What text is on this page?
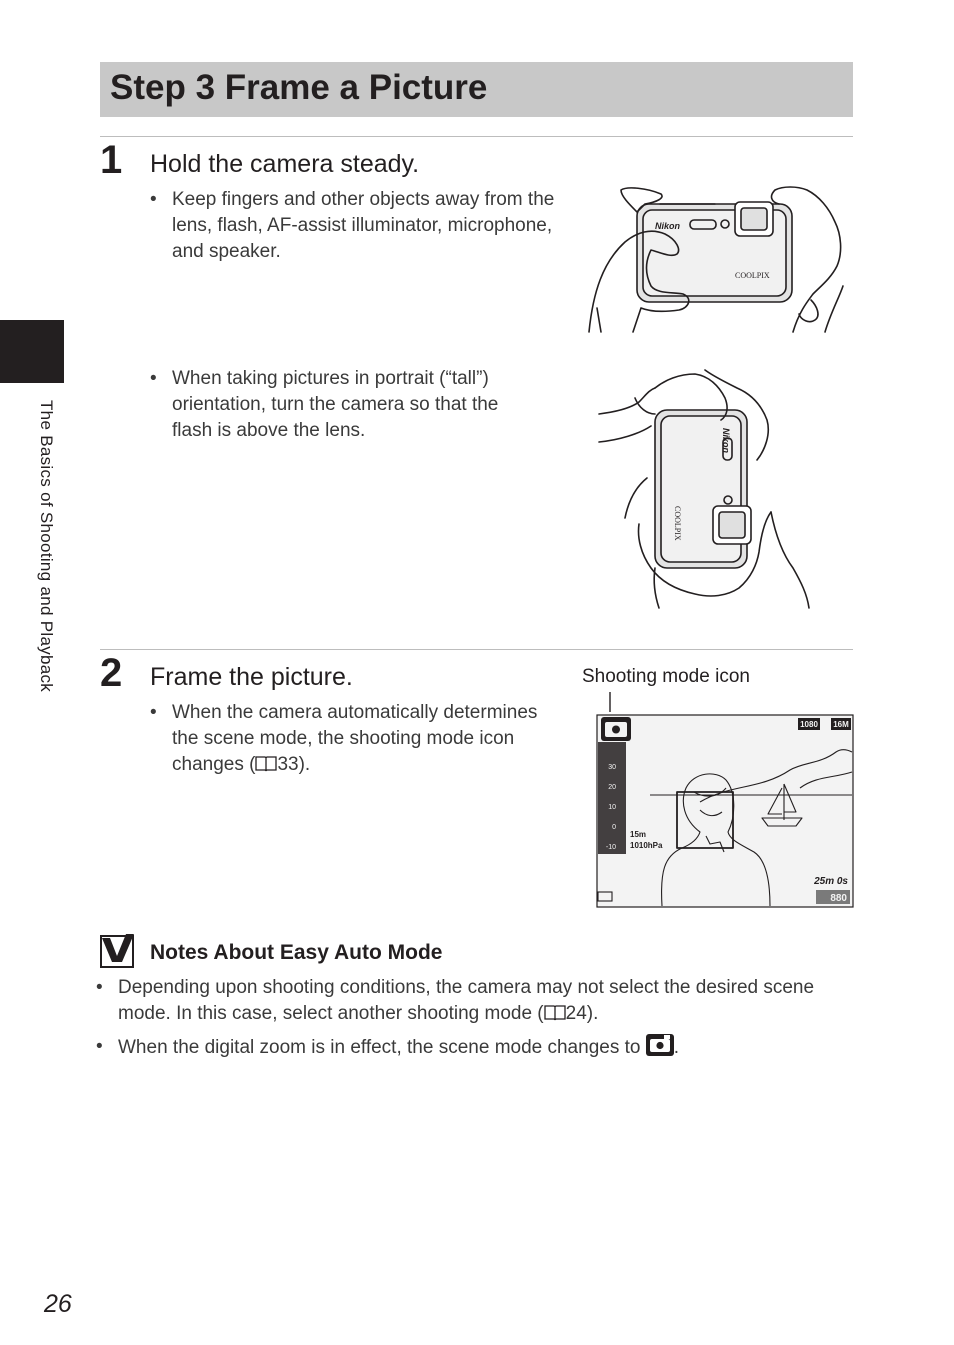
Step 3 Frame a Picture
The Basics of Shooting and Playback
1 Hold the camera steady.
• Keep fingers and other objects away from the lens, flash, AF-assist illuminator, microphone, and speaker.
Nikon
COOLPIX
• When taking pictures in portrait (“tall”) orientation, turn the camera so that the flash is above the lens.	Nikon
COOLPIX
2 Frame the picture.
• When the camera automatically determines the scene mode, the shooting mode icon changes ( 33).
Shooting mode icon
30
20
10
0
-10
1080 16M
15m
1010hPa
25m 0s
880
Notes About Easy Auto Mode
• Depending upon shooting conditions, the camera may not select the desired scene mode. In this case, select another shooting mode ( 24).
• When the digital zoom is in effect, the scene mode changes to .
26
